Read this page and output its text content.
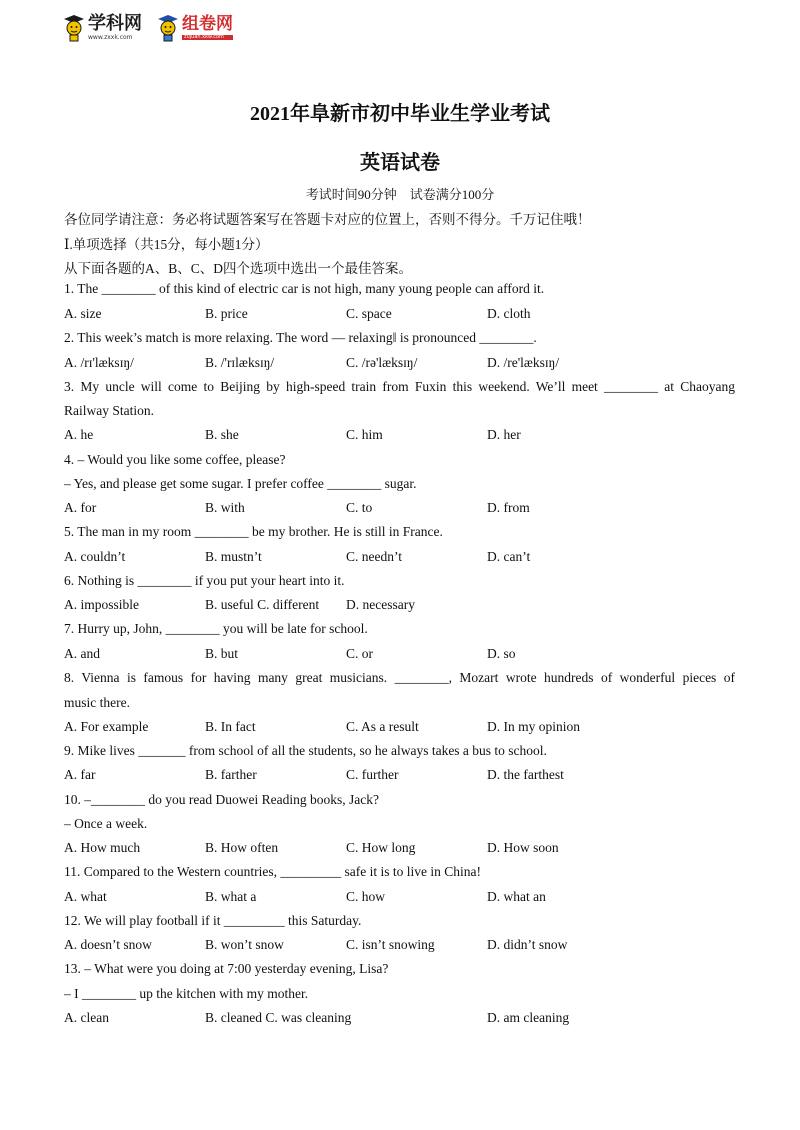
学科网
www.zxxk.com
组卷网
zujuan.xkw.com
2021年阜新市初中毕业生学业考试
英语试卷
考试时间90分钟    试卷满分100分
各位同学请注意：务必将试题答案写在答题卡对应的位置上，否则不得分。千万记住哦！
Ⅰ.单项选择（共15分，每小题1分）
从下面各题的A、B、C、D四个选项中选出一个最佳答案。
1. The ________ of this kind of electric car is not high, many young people can afford it.
A. size	B. price	C. space	D. cloth
2. This week’s match is more relaxing. The word — relaxing‖ is pronounced ________.
A. /rɪ'læksɪŋ/	B. /'rɪlæksɪŋ/	C. /rə'læksɪŋ/	D. /re'læksɪŋ/
3. My uncle will come to Beijing by high-speed train from Fuxin this weekend. We’ll meet ________ at Chaoyang
Railway Station.
A. he	B. she	C. him	D. her
4. – Would you like some coffee, please?
– Yes, and please get some sugar. I prefer coffee ________ sugar.
A. for	B. with	C. to	D. from
5. The man in my room ________ be my brother. He is still in France.
A. couldn’t	B. mustn’t	C. needn’t	D. can’t
6. Nothing is ________ if you put your heart into it.
A. impossible	B. useful C. different D. necessary
7. Hurry up, John, ________ you will be late for school.
A. and	B. but	C. or	D. so
8. Vienna is famous for having many great musicians. ________, Mozart wrote hundreds of wonderful pieces of
music there.
A. For example	B. In fact	C. As a result	D. In my opinion
9. Mike lives _______ from school of all the students, so he always takes a bus to school.
A. far	B. farther	C. further	D. the farthest
10. –________ do you read Duowei Reading books, Jack?
– Once a week.
A. How much	B. How often	C. How long	D. How soon
11. Compared to the Western countries, _________ safe it is to live in China!
A. what	B. what a	C. how	D. what an
12. We will play football if it _________ this Saturday.
A. doesn’t snow	B. won’t snow	C. isn’t snowing	D. didn’t snow
13. – What were you doing at 7:00 yesterday evening, Lisa?
– I ________ up the kitchen with my mother.
A. clean	B. cleaned C. was cleaning	D. am cleaning
